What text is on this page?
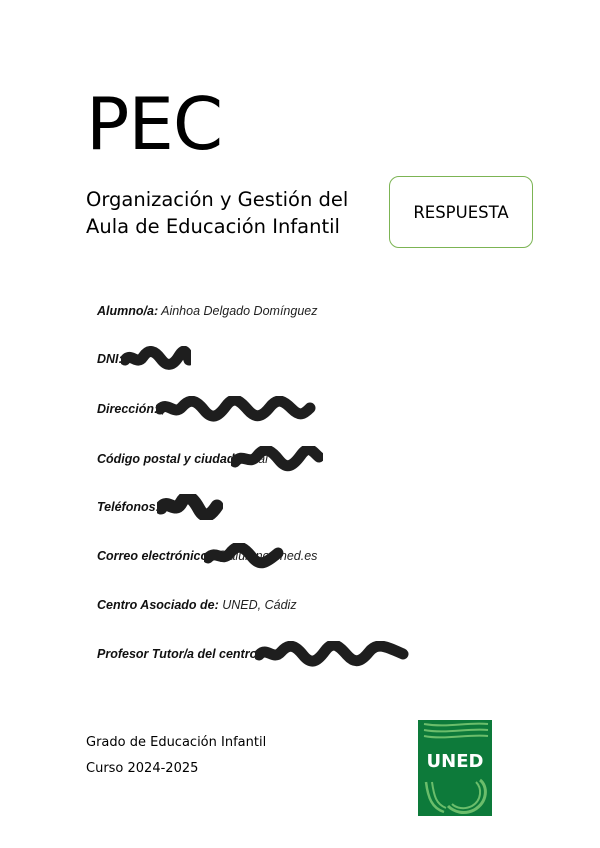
PEC
Organización y Gestión del
Aula de Educación Infantil
RESPUESTA
Alumno/a: Ainhoa Delgado Domínguez
DNI:
Dirección: , 34
Código postal y ciudad: Real
Teléfonos: 0
Correo electrónico: @alumno.uned.es
Centro Asociado de: UNED, Cádiz
Profesor Tutor/a del centro: o
Grado de Educación Infantil
Curso 2024-2025	UNED
